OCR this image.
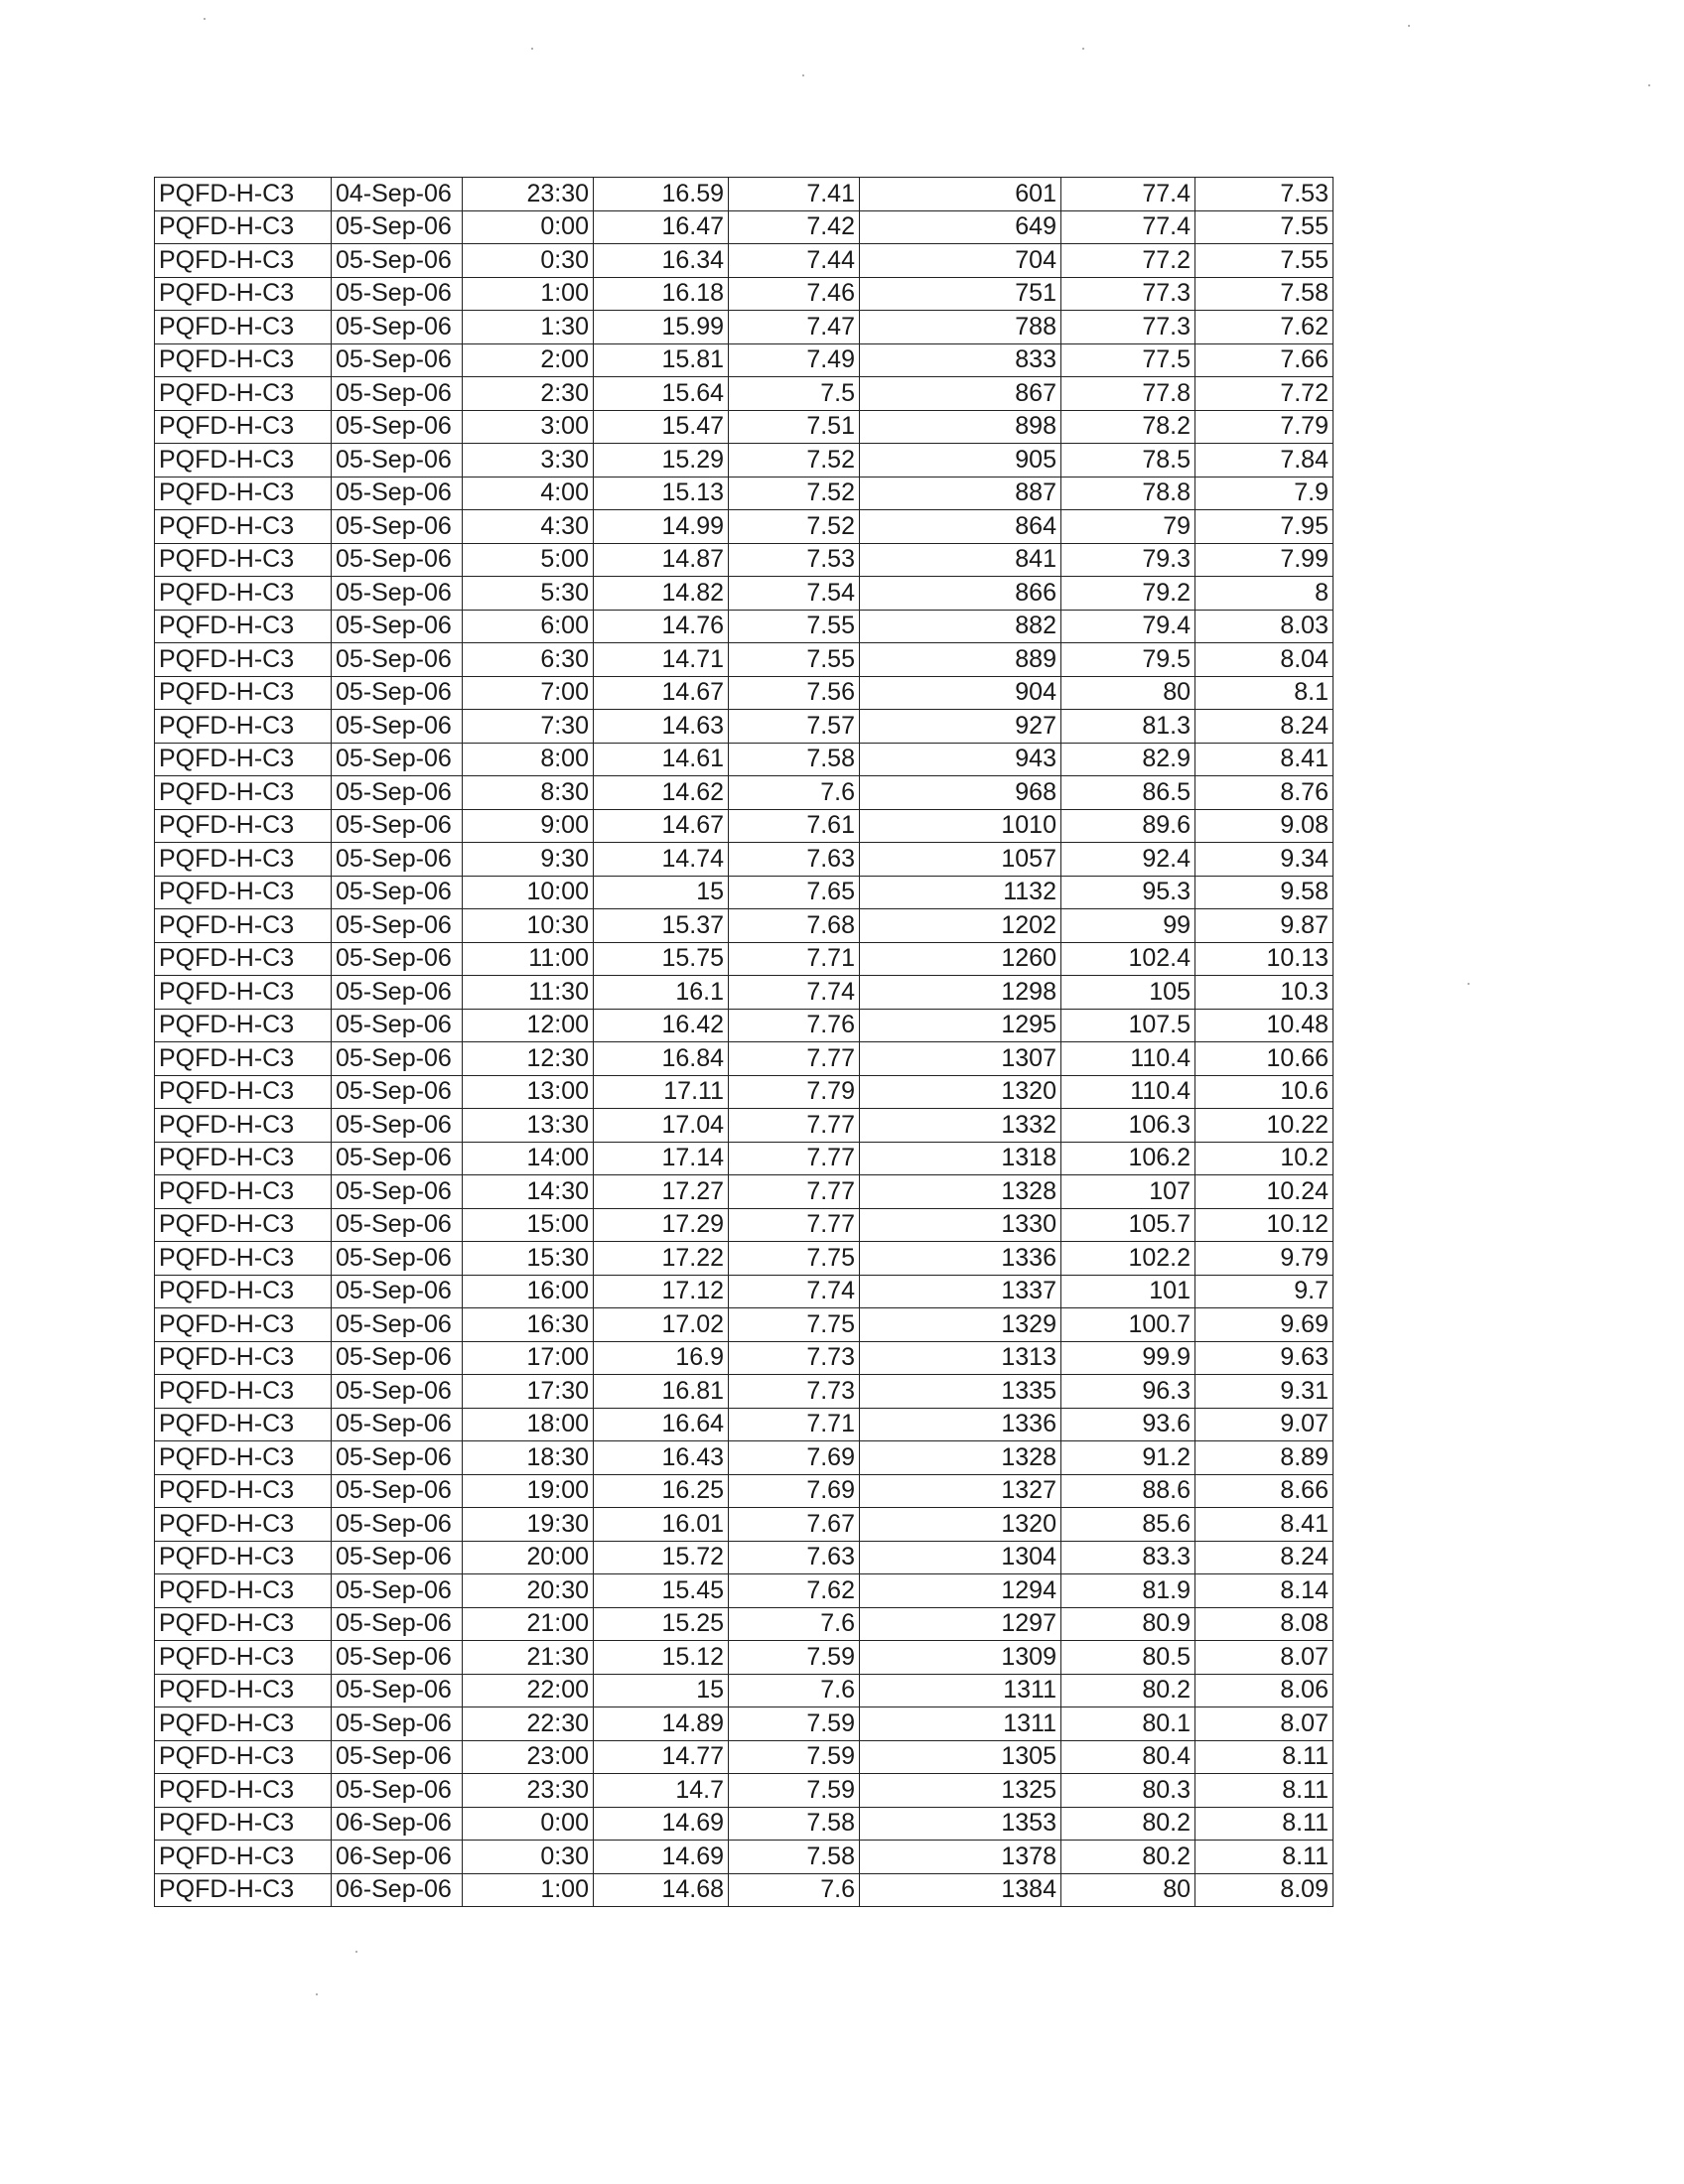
PQFD-H-C3	04-Sep-06	23:30	16.59	7.41	601	77.4	7.53
PQFD-H-C3	05-Sep-06	0:00	16.47	7.42	649	77.4	7.55
PQFD-H-C3	05-Sep-06	0:30	16.34	7.44	704	77.2	7.55
PQFD-H-C3	05-Sep-06	1:00	16.18	7.46	751	77.3	7.58
PQFD-H-C3	05-Sep-06	1:30	15.99	7.47	788	77.3	7.62
PQFD-H-C3	05-Sep-06	2:00	15.81	7.49	833	77.5	7.66
PQFD-H-C3	05-Sep-06	2:30	15.64	7.5	867	77.8	7.72
PQFD-H-C3	05-Sep-06	3:00	15.47	7.51	898	78.2	7.79
PQFD-H-C3	05-Sep-06	3:30	15.29	7.52	905	78.5	7.84
PQFD-H-C3	05-Sep-06	4:00	15.13	7.52	887	78.8	7.9
PQFD-H-C3	05-Sep-06	4:30	14.99	7.52	864	79	7.95
PQFD-H-C3	05-Sep-06	5:00	14.87	7.53	841	79.3	7.99
PQFD-H-C3	05-Sep-06	5:30	14.82	7.54	866	79.2	8
PQFD-H-C3	05-Sep-06	6:00	14.76	7.55	882	79.4	8.03
PQFD-H-C3	05-Sep-06	6:30	14.71	7.55	889	79.5	8.04
PQFD-H-C3	05-Sep-06	7:00	14.67	7.56	904	80	8.1
PQFD-H-C3	05-Sep-06	7:30	14.63	7.57	927	81.3	8.24
PQFD-H-C3	05-Sep-06	8:00	14.61	7.58	943	82.9	8.41
PQFD-H-C3	05-Sep-06	8:30	14.62	7.6	968	86.5	8.76
PQFD-H-C3	05-Sep-06	9:00	14.67	7.61	1010	89.6	9.08
PQFD-H-C3	05-Sep-06	9:30	14.74	7.63	1057	92.4	9.34
PQFD-H-C3	05-Sep-06	10:00	15	7.65	1132	95.3	9.58
PQFD-H-C3	05-Sep-06	10:30	15.37	7.68	1202	99	9.87
PQFD-H-C3	05-Sep-06	11:00	15.75	7.71	1260	102.4	10.13
PQFD-H-C3	05-Sep-06	11:30	16.1	7.74	1298	105	10.3
PQFD-H-C3	05-Sep-06	12:00	16.42	7.76	1295	107.5	10.48
PQFD-H-C3	05-Sep-06	12:30	16.84	7.77	1307	110.4	10.66
PQFD-H-C3	05-Sep-06	13:00	17.11	7.79	1320	110.4	10.6
PQFD-H-C3	05-Sep-06	13:30	17.04	7.77	1332	106.3	10.22
PQFD-H-C3	05-Sep-06	14:00	17.14	7.77	1318	106.2	10.2
PQFD-H-C3	05-Sep-06	14:30	17.27	7.77	1328	107	10.24
PQFD-H-C3	05-Sep-06	15:00	17.29	7.77	1330	105.7	10.12
PQFD-H-C3	05-Sep-06	15:30	17.22	7.75	1336	102.2	9.79
PQFD-H-C3	05-Sep-06	16:00	17.12	7.74	1337	101	9.7
PQFD-H-C3	05-Sep-06	16:30	17.02	7.75	1329	100.7	9.69
PQFD-H-C3	05-Sep-06	17:00	16.9	7.73	1313	99.9	9.63
PQFD-H-C3	05-Sep-06	17:30	16.81	7.73	1335	96.3	9.31
PQFD-H-C3	05-Sep-06	18:00	16.64	7.71	1336	93.6	9.07
PQFD-H-C3	05-Sep-06	18:30	16.43	7.69	1328	91.2	8.89
PQFD-H-C3	05-Sep-06	19:00	16.25	7.69	1327	88.6	8.66
PQFD-H-C3	05-Sep-06	19:30	16.01	7.67	1320	85.6	8.41
PQFD-H-C3	05-Sep-06	20:00	15.72	7.63	1304	83.3	8.24
PQFD-H-C3	05-Sep-06	20:30	15.45	7.62	1294	81.9	8.14
PQFD-H-C3	05-Sep-06	21:00	15.25	7.6	1297	80.9	8.08
PQFD-H-C3	05-Sep-06	21:30	15.12	7.59	1309	80.5	8.07
PQFD-H-C3	05-Sep-06	22:00	15	7.6	1311	80.2	8.06
PQFD-H-C3	05-Sep-06	22:30	14.89	7.59	1311	80.1	8.07
PQFD-H-C3	05-Sep-06	23:00	14.77	7.59	1305	80.4	8.11
PQFD-H-C3	05-Sep-06	23:30	14.7	7.59	1325	80.3	8.11
PQFD-H-C3	06-Sep-06	0:00	14.69	7.58	1353	80.2	8.11
PQFD-H-C3	06-Sep-06	0:30	14.69	7.58	1378	80.2	8.11
PQFD-H-C3	06-Sep-06	1:00	14.68	7.6	1384	80	8.09
